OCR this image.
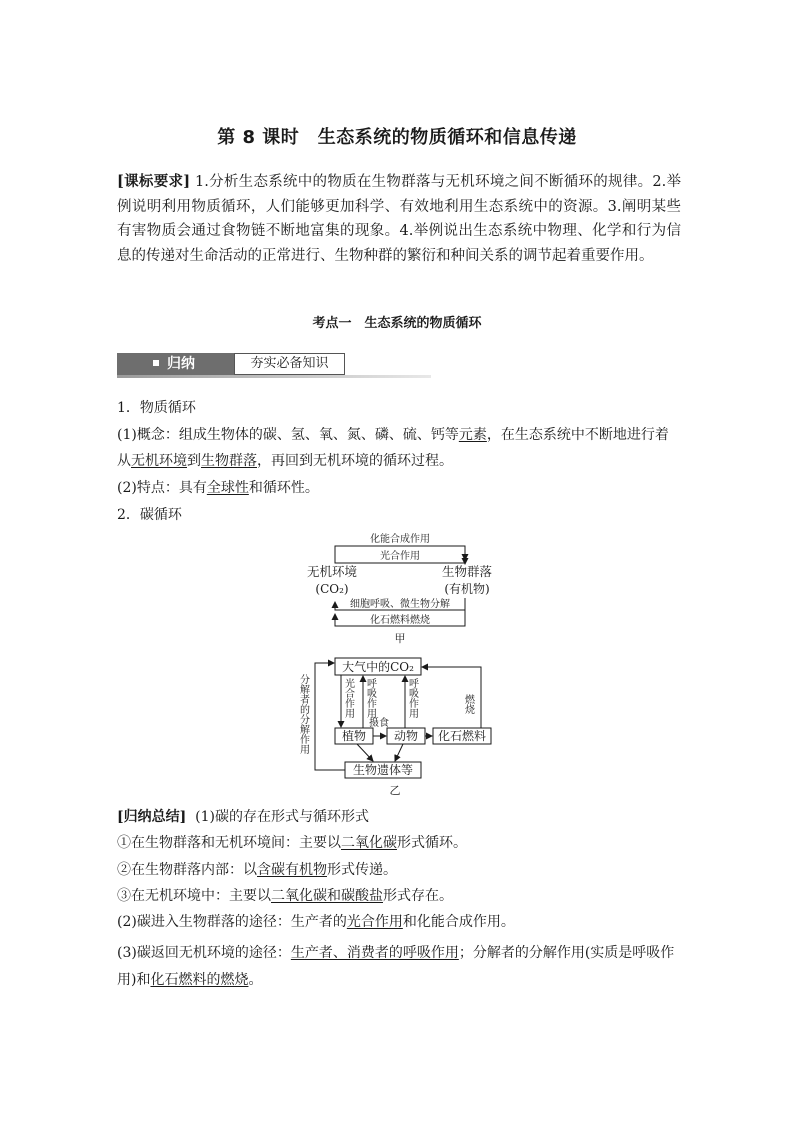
第 8 课时　生态系统的物质循环和信息传递
[课标要求] 1.分析生态系统中的物质在生物群落与无机环境之间不断循环的规律。2.举例说明利用物质循环，人们能够更加科学、有效地利用生态系统中的资源。3.阐明某些有害物质会通过食物链不断地富集的现象。4.举例说出生态系统中物理、化学和行为信息的传递对生命活动的正常进行、生物种群的繁衍和种间关系的调节起着重要作用。
考点一　生态系统的物质循环
归纳	夯实必备知识
1．物质循环
(1)概念：组成生物体的碳、氢、氧、氮、磷、硫、钙等元素，在生态系统中不断地进行着从无机环境到生物群落，再回到无机环境的循环过程。
(2)特点：具有全球性和循环性。
2．碳循环
化能合成作用
光合作用
无机环境
(CO₂)
生物群落
(有机物)
细胞呼吸、微生物分解
化石燃料燃烧
甲
大气中的CO₂
植物 动物 化石燃料
生物遗体等
光合作用 呼吸作用	呼吸作用
摄食
燃烧
分解者的分解作用
乙
[归纳总结] (1)碳的存在形式与循环形式
①在生物群落和无机环境间：主要以二氧化碳形式循环。
②在生物群落内部：以含碳有机物形式传递。
③在无机环境中：主要以二氧化碳和碳酸盐形式存在。
(2)碳进入生物群落的途径：生产者的光合作用和化能合成作用。
(3)碳返回无机环境的途径：生产者、消费者的呼吸作用；分解者的分解作用(实质是呼吸作用)和化石燃料的燃烧。
